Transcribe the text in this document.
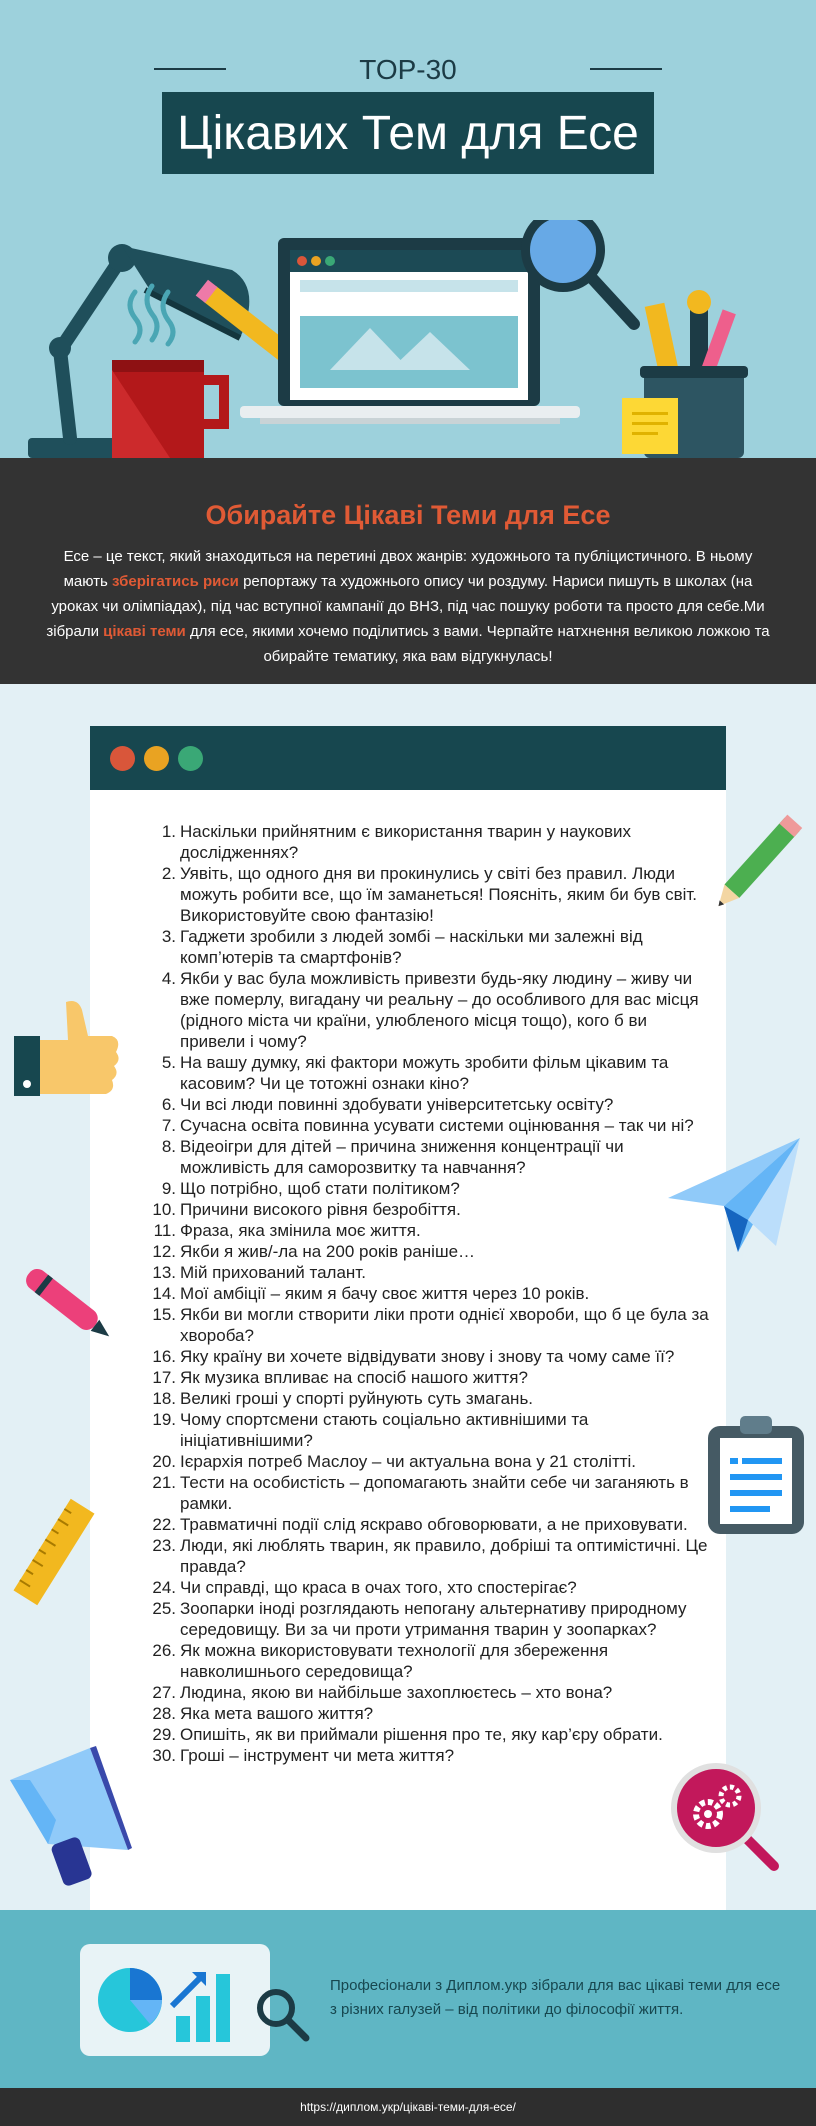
TOP-30
Цікавих Тем для Есе
Обирайте Цікаві Теми для Есе

Есе – це текст, який знаходиться на перетині двох жанрів: художнього та публіцистичного. В ньому мають зберігатись риси репортажу та художнього опису чи роздуму. Нариси пишуть в школах (на уроках чи олімпіадах), під час вступної кампанії до ВНЗ, під час пошуку роботи та просто для себе.Ми зібрали цікаві теми для есе, якими хочемо поділитись з вами. Черпайте натхнення великою ложкою та обирайте тематику, яка вам відгукнулась!

1. Наскільки прийнятним є використання тварин у наукових дослідженнях?
2. Уявіть, що одного дня ви прокинулись у світі без правил. Люди можуть робити все, що їм заманеться! Поясніть, яким би був світ. Використовуйте свою фантазію!
3. Гаджети зробили з людей зомбі – наскільки ми залежні від комп’ютерів та смартфонів?
4. Якби у вас була можливість привезти будь-яку людину – живу чи вже померлу, вигадану чи реальну – до особливого для вас місця (рідного міста чи країни, улюбленого місця тощо), кого б ви привели і чому?
5. На вашу думку, які фактори можуть зробити фільм цікавим та касовим? Чи це тотожні ознаки кіно?
6. Чи всі люди повинні здобувати університетську освіту?
7. Сучасна освіта повинна усувати системи оцінювання – так чи ні?
8. Відеоігри для дітей – причина зниження концентрації чи можливість для саморозвитку та навчання?
9. Що потрібно, щоб стати політиком?
10. Причини високого рівня безробіття.
11. Фраза, яка змінила моє життя.
12. Якби я жив/-ла на 200 років раніше…
13. Мій прихований талант.
14. Мої амбіції – яким я бачу своє життя через 10 років.
15. Якби ви могли створити ліки проти однієї хвороби, що б це була за хвороба?
16. Яку країну ви хочете відвідувати знову і знову та чому саме її?
17. Як музика впливає на спосіб нашого життя?
18. Великі гроші у спорті руйнують суть змагань.
19. Чому спортсмени стають соціально активнішими та ініціативнішими?
20. Ієрархія потреб Маслоу – чи актуальна вона у 21 столітті.
21. Тести на особистість – допомагають знайти себе чи заганяють в рамки.
22. Травматичні події слід яскраво обговорювати, а не приховувати.
23. Люди, які люблять тварин, як правило, добріші та оптимістичні. Це правда?
24. Чи справді, що краса в очах того, хто спостерігає?
25. Зоопарки іноді розглядають непогану альтернативу природному середовищу. Ви за чи проти утримання тварин у зоопарках?
26. Як можна використовувати технології для збереження навколишнього середовища?
27. Людина, якою ви найбільше захоплюєтесь – хто вона?
28. Яка мета вашого життя?
29. Опишіть, як ви приймали рішення про те, яку кар’єру обрати.
30. Гроші – інструмент чи мета життя?
Професіонали з Диплом.укр зібрали для вас цікаві теми для есе з різних галузей – від політики до філософії життя.
https://диплом.укр/цікаві-теми-для-есе/
